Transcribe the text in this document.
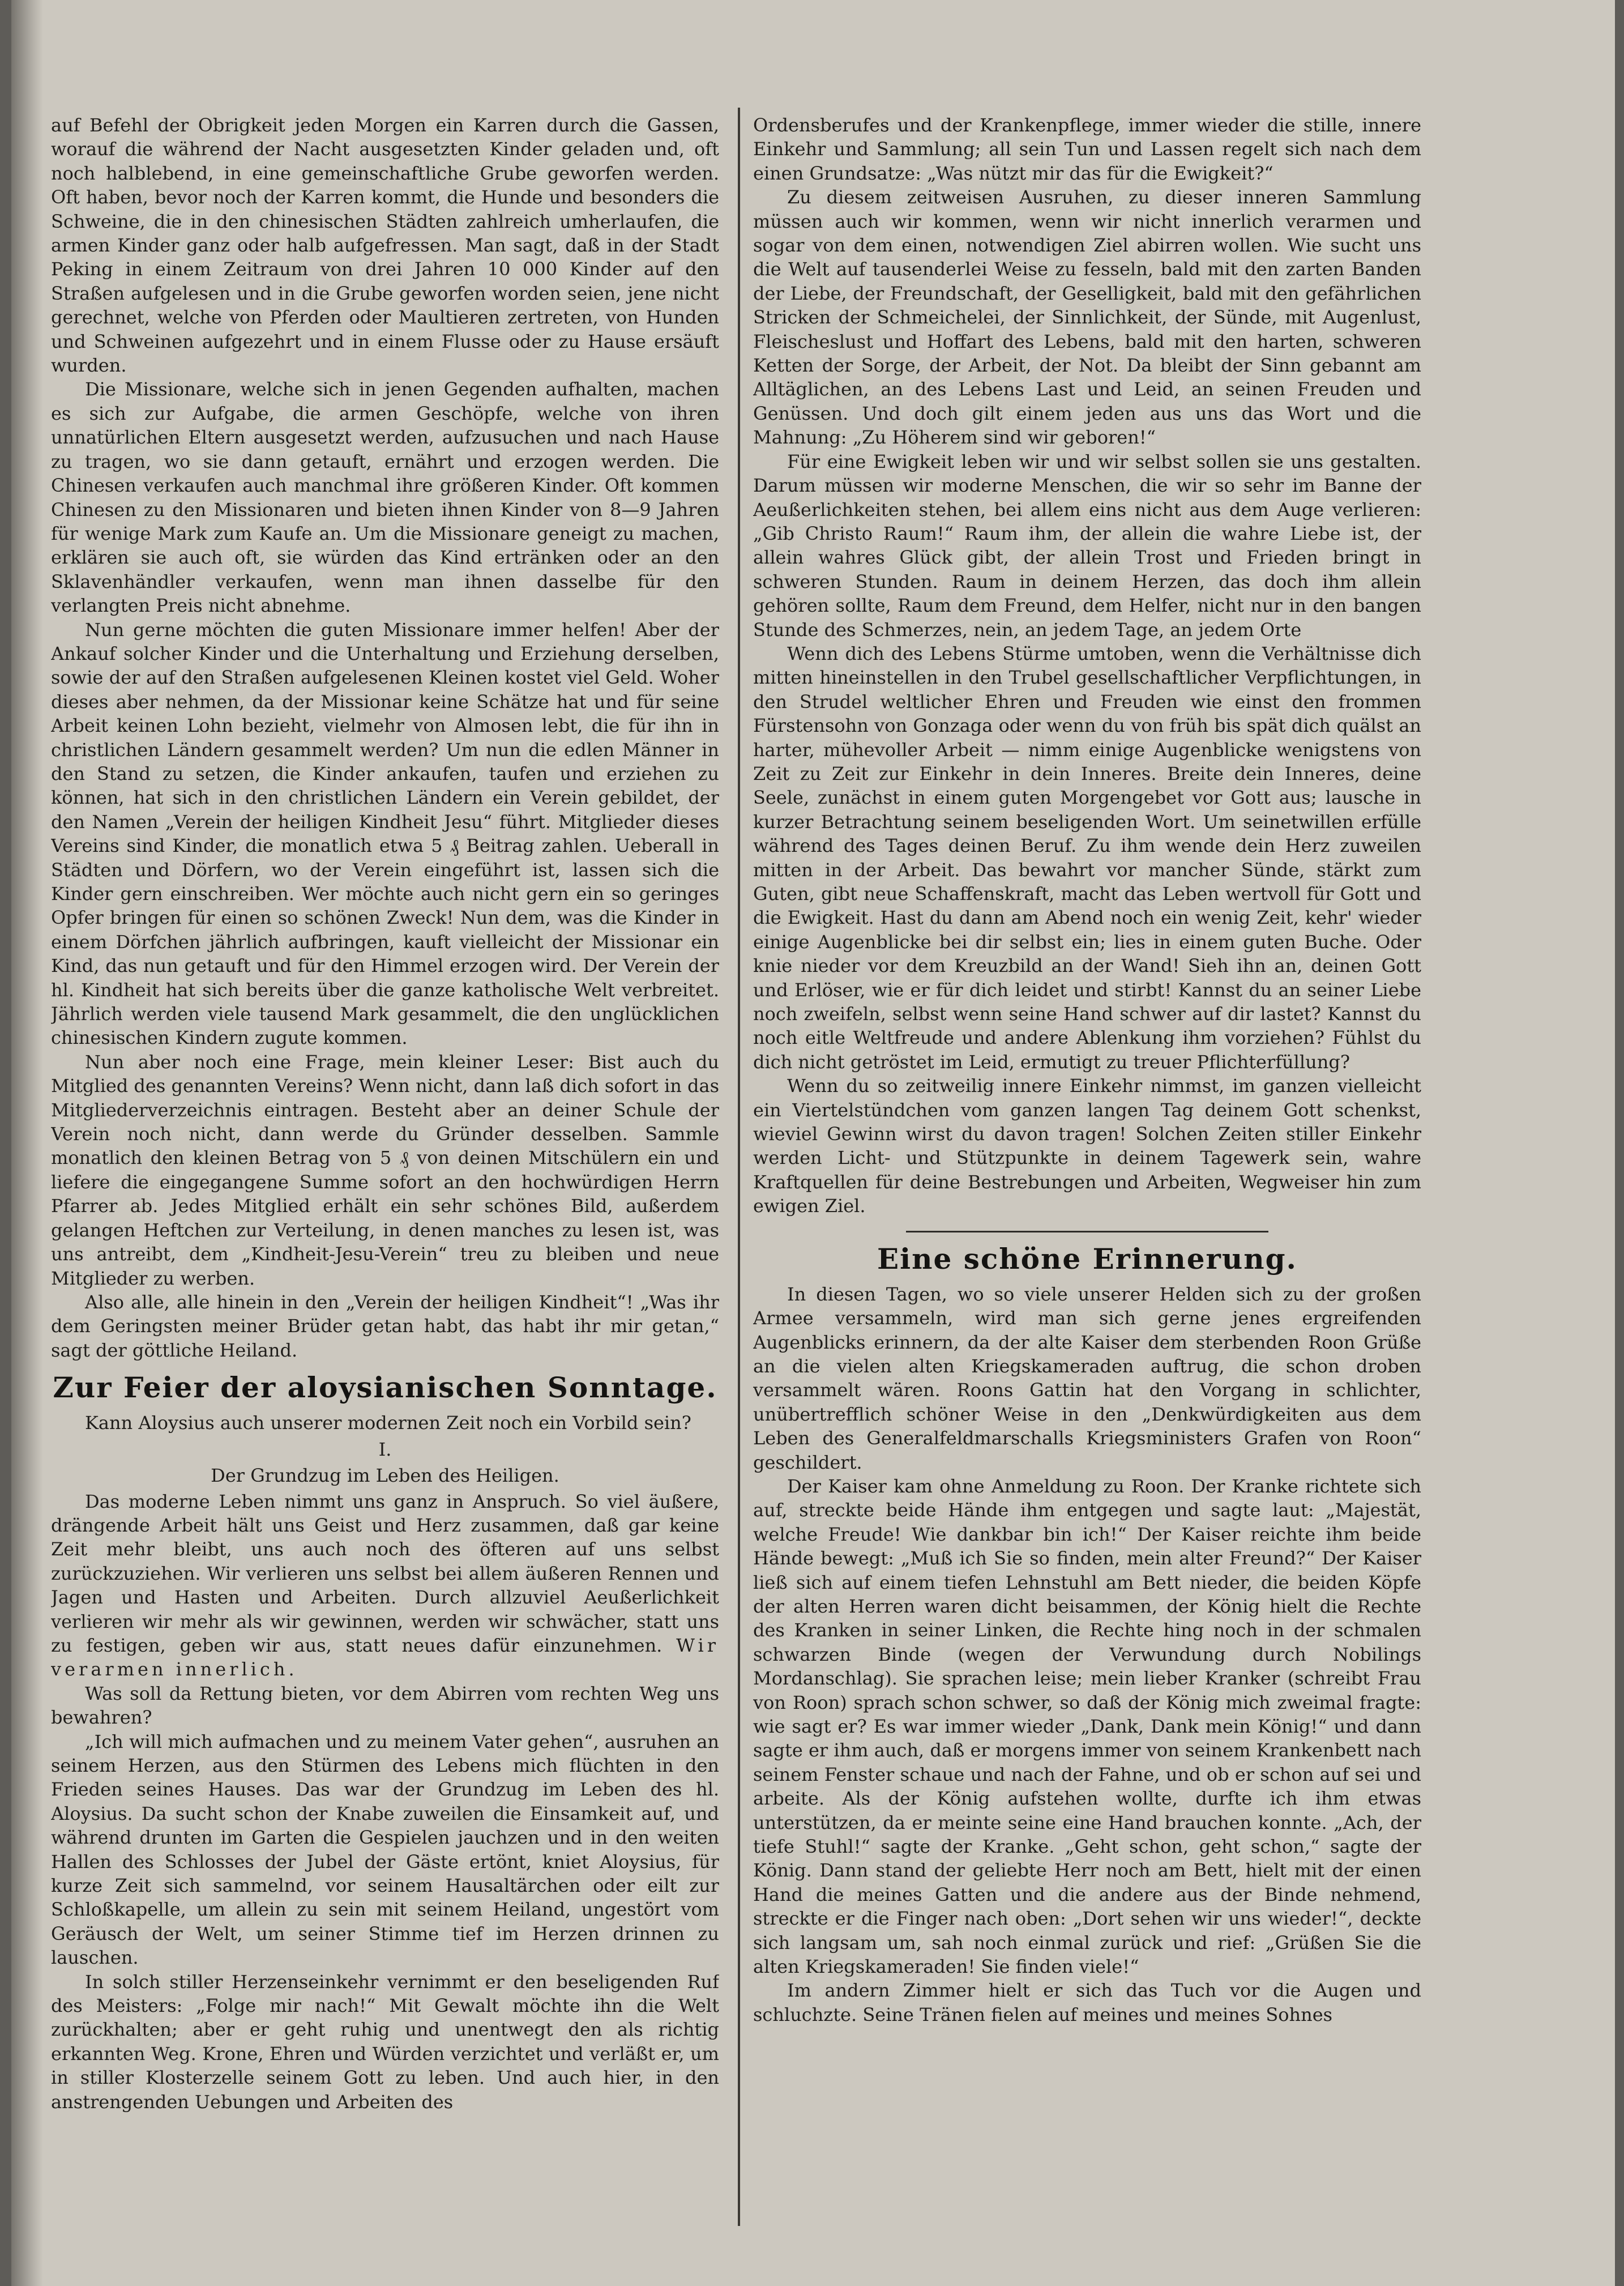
auf Befehl der Obrigkeit jeden Morgen ein Karren durch die Gassen, worauf die während der Nacht ausgesetzten Kinder geladen und, oft noch halblebend, in eine gemeinschaftliche Grube geworfen werden. Oft haben, bevor noch der Karren kommt, die Hunde und besonders die Schweine, die in den chinesischen Städten zahlreich umherlaufen, die armen Kinder ganz oder halb aufgefressen. Man sagt, daß in der Stadt Peking in einem Zeitraum von drei Jahren 10 000 Kinder auf den Straßen aufgelesen und in die Grube geworfen worden seien, jene nicht gerechnet, welche von Pferden oder Maultieren zertreten, von Hunden und Schweinen aufgezehrt und in einem Flusse oder zu Hause ersäuft wurden.

Die Missionare, welche sich in jenen Gegenden aufhalten, machen es sich zur Aufgabe, die armen Geschöpfe, welche von ihren unnatürlichen Eltern ausgesetzt werden, aufzusuchen und nach Hause zu tragen, wo sie dann getauft, ernährt und erzogen werden. Die Chinesen verkaufen auch manchmal ihre größeren Kinder. Oft kommen Chinesen zu den Missionaren und bieten ihnen Kinder von 8—9 Jahren für wenige Mark zum Kaufe an. Um die Missionare geneigt zu machen, erklären sie auch oft, sie würden das Kind ertränken oder an den Sklavenhändler verkaufen, wenn man ihnen dasselbe für den verlangten Preis nicht abnehme.

Nun gerne möchten die guten Missionare immer helfen! Aber der Ankauf solcher Kinder und die Unterhaltung und Erziehung derselben, sowie der auf den Straßen aufgelesenen Kleinen kostet viel Geld. Woher dieses aber nehmen, da der Missionar keine Schätze hat und für seine Arbeit keinen Lohn bezieht, vielmehr von Almosen lebt, die für ihn in christlichen Ländern gesammelt werden? Um nun die edlen Männer in den Stand zu setzen, die Kinder ankaufen, taufen und erziehen zu können, hat sich in den christlichen Ländern ein Verein gebildet, der den Namen „Verein der heiligen Kindheit Jesu“ führt. Mitglieder dieses Vereins sind Kinder, die monatlich etwa 5 ₰ Beitrag zahlen. Ueberall in Städten und Dörfern, wo der Verein eingeführt ist, lassen sich die Kinder gern einschreiben. Wer möchte auch nicht gern ein so geringes Opfer bringen für einen so schönen Zweck! Nun dem, was die Kinder in einem Dörfchen jährlich aufbringen, kauft vielleicht der Missionar ein Kind, das nun getauft und für den Himmel erzogen wird. Der Verein der hl. Kindheit hat sich bereits über die ganze katholische Welt verbreitet. Jährlich werden viele tausend Mark gesammelt, die den unglücklichen chinesischen Kindern zugute kommen.

Nun aber noch eine Frage, mein kleiner Leser: Bist auch du Mitglied des genannten Vereins? Wenn nicht, dann laß dich sofort in das Mitgliederverzeichnis eintragen. Besteht aber an deiner Schule der Verein noch nicht, dann werde du Gründer desselben. Sammle monatlich den kleinen Betrag von 5 ₰ von deinen Mitschülern ein und liefere die eingegangene Summe sofort an den hochwürdigen Herrn Pfarrer ab. Jedes Mitglied erhält ein sehr schönes Bild, außerdem gelangen Heftchen zur Verteilung, in denen manches zu lesen ist, was uns antreibt, dem „Kindheit-Jesu-Verein“ treu zu bleiben und neue Mitglieder zu werben.

Also alle, alle hinein in den „Verein der heiligen Kindheit“! „Was ihr dem Geringsten meiner Brüder getan habt, das habt ihr mir getan,“ sagt der göttliche Heiland.

Zur Feier der aloysianischen Sonntage.

Kann Aloysius auch unserer modernen Zeit noch ein Vorbild sein?

I.
Der Grundzug im Leben des Heiligen.

Das moderne Leben nimmt uns ganz in Anspruch. So viel äußere, drängende Arbeit hält uns Geist und Herz zusammen, daß gar keine Zeit mehr bleibt, uns auch noch des öfteren auf uns selbst zurückzuziehen. Wir verlieren uns selbst bei allem äußeren Rennen und Jagen und Hasten und Arbeiten. Durch allzuviel Aeußerlichkeit verlieren wir mehr als wir gewinnen, werden wir schwächer, statt uns zu festigen, geben wir aus, statt neues dafür einzunehmen. Wir verarmen innerlich.

Was soll da Rettung bieten, vor dem Abirren vom rechten Weg uns bewahren?

„Ich will mich aufmachen und zu meinem Vater gehen“, ausruhen an seinem Herzen, aus den Stürmen des Lebens mich flüchten in den Frieden seines Hauses. Das war der Grundzug im Leben des hl. Aloysius. Da sucht schon der Knabe zuweilen die Einsamkeit auf, und während drunten im Garten die Gespielen jauchzen und in den weiten Hallen des Schlosses der Jubel der Gäste ertönt, kniet Aloysius, für kurze Zeit sich sammelnd, vor seinem Hausaltärchen oder eilt zur Schloßkapelle, um allein zu sein mit seinem Heiland, ungestört vom Geräusch der Welt, um seiner Stimme tief im Herzen drinnen zu lauschen.

In solch stiller Herzenseinkehr vernimmt er den beseligenden Ruf des Meisters: „Folge mir nach!“ Mit Gewalt möchte ihn die Welt zurückhalten; aber er geht ruhig und unentwegt den als richtig erkannten Weg. Krone, Ehren und Würden verzichtet und verläßt er, um in stiller Klosterzelle seinem Gott zu leben. Und auch hier, in den anstrengenden Uebungen und Arbeiten des

Ordensberufes und der Krankenpflege, immer wieder die stille, innere Einkehr und Sammlung; all sein Tun und Lassen regelt sich nach dem einen Grundsatze: „Was nützt mir das für die Ewigkeit?“

Zu diesem zeitweisen Ausruhen, zu dieser inneren Sammlung müssen auch wir kommen, wenn wir nicht innerlich verarmen und sogar von dem einen, notwendigen Ziel abirren wollen. Wie sucht uns die Welt auf tausenderlei Weise zu fesseln, bald mit den zarten Banden der Liebe, der Freundschaft, der Geselligkeit, bald mit den gefährlichen Stricken der Schmeichelei, der Sinnlichkeit, der Sünde, mit Augenlust, Fleischeslust und Hoffart des Lebens, bald mit den harten, schweren Ketten der Sorge, der Arbeit, der Not. Da bleibt der Sinn gebannt am Alltäglichen, an des Lebens Last und Leid, an seinen Freuden und Genüssen. Und doch gilt einem jeden aus uns das Wort und die Mahnung: „Zu Höherem sind wir geboren!“

Für eine Ewigkeit leben wir und wir selbst sollen sie uns gestalten. Darum müssen wir moderne Menschen, die wir so sehr im Banne der Aeußerlichkeiten stehen, bei allem eins nicht aus dem Auge verlieren: „Gib Christo Raum!“ Raum ihm, der allein die wahre Liebe ist, der allein wahres Glück gibt, der allein Trost und Frieden bringt in schweren Stunden. Raum in deinem Herzen, das doch ihm allein gehören sollte, Raum dem Freund, dem Helfer, nicht nur in den bangen Stunde des Schmerzes, nein, an jedem Tage, an jedem Orte

Wenn dich des Lebens Stürme umtoben, wenn die Verhältnisse dich mitten hineinstellen in den Trubel gesellschaftlicher Verpflichtungen, in den Strudel weltlicher Ehren und Freuden wie einst den frommen Fürstensohn von Gonzaga oder wenn du von früh bis spät dich quälst an harter, mühevoller Arbeit — nimm einige Augenblicke wenigstens von Zeit zu Zeit zur Einkehr in dein Inneres. Breite dein Inneres, deine Seele, zunächst in einem guten Morgengebet vor Gott aus; lausche in kurzer Betrachtung seinem beseligenden Wort. Um seinetwillen erfülle während des Tages deinen Beruf. Zu ihm wende dein Herz zuweilen mitten in der Arbeit. Das bewahrt vor mancher Sünde, stärkt zum Guten, gibt neue Schaffenskraft, macht das Leben wertvoll für Gott und die Ewigkeit. Hast du dann am Abend noch ein wenig Zeit, kehr' wieder einige Augenblicke bei dir selbst ein; lies in einem guten Buche. Oder knie nieder vor dem Kreuzbild an der Wand! Sieh ihn an, deinen Gott und Erlöser, wie er für dich leidet und stirbt! Kannst du an seiner Liebe noch zweifeln, selbst wenn seine Hand schwer auf dir lastet? Kannst du noch eitle Weltfreude und andere Ablenkung ihm vorziehen? Fühlst du dich nicht getröstet im Leid, ermutigt zu treuer Pflichterfüllung?

Wenn du so zeitweilig innere Einkehr nimmst, im ganzen vielleicht ein Viertelstündchen vom ganzen langen Tag deinem Gott schenkst, wieviel Gewinn wirst du davon tragen! Solchen Zeiten stiller Einkehr werden Licht- und Stützpunkte in deinem Tagewerk sein, wahre Kraftquellen für deine Bestrebungen und Arbeiten, Wegweiser hin zum ewigen Ziel.

Eine schöne Erinnerung.

In diesen Tagen, wo so viele unserer Helden sich zu der großen Armee versammeln, wird man sich gerne jenes ergreifenden Augenblicks erinnern, da der alte Kaiser dem sterbenden Roon Grüße an die vielen alten Kriegskameraden auftrug, die schon droben versammelt wären. Roons Gattin hat den Vorgang in schlichter, unübertrefflich schöner Weise in den „Denkwürdigkeiten aus dem Leben des Generalfeldmarschalls Kriegsministers Grafen von Roon“ geschildert.

Der Kaiser kam ohne Anmeldung zu Roon. Der Kranke richtete sich auf, streckte beide Hände ihm entgegen und sagte laut: „Majestät, welche Freude! Wie dankbar bin ich!“ Der Kaiser reichte ihm beide Hände bewegt: „Muß ich Sie so finden, mein alter Freund?“ Der Kaiser ließ sich auf einem tiefen Lehnstuhl am Bett nieder, die beiden Köpfe der alten Herren waren dicht beisammen, der König hielt die Rechte des Kranken in seiner Linken, die Rechte hing noch in der schmalen schwarzen Binde (wegen der Verwundung durch Nobilings Mordanschlag). Sie sprachen leise; mein lieber Kranker (schreibt Frau von Roon) sprach schon schwer, so daß der König mich zweimal fragte: wie sagt er? Es war immer wieder „Dank, Dank mein König!“ und dann sagte er ihm auch, daß er morgens immer von seinem Krankenbett nach seinem Fenster schaue und nach der Fahne, und ob er schon auf sei und arbeite. Als der König aufstehen wollte, durfte ich ihm etwas unterstützen, da er meinte seine eine Hand brauchen konnte. „Ach, der tiefe Stuhl!“ sagte der Kranke. „Geht schon, geht schon,“ sagte der König. Dann stand der geliebte Herr noch am Bett, hielt mit der einen Hand die meines Gatten und die andere aus der Binde nehmend, streckte er die Finger nach oben: „Dort sehen wir uns wieder!“, deckte sich langsam um, sah noch einmal zurück und rief: „Grüßen Sie die alten Kriegskameraden! Sie finden viele!“

Im andern Zimmer hielt er sich das Tuch vor die Augen und schluchzte. Seine Tränen fielen auf meines und meines Sohnes
